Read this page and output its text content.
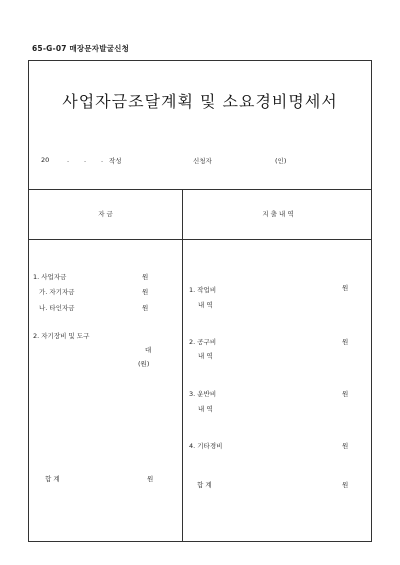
65-G-07 매장문자발굴신청
사업자금조달계획 및 소요경비명세서
20	. . . 작성	신청자	(인)
자 금	지 출 내 역
1. 사업자금	원
가. 자기자금	원
나. 타인자금	원
2. 자기장비 및 도구
대
(원)
합 계	원
1. 작업비	원
내 역
2. 공구비	원
내 역
3. 운반비	원
내 역
4. 기타경비	원
합 계	원
